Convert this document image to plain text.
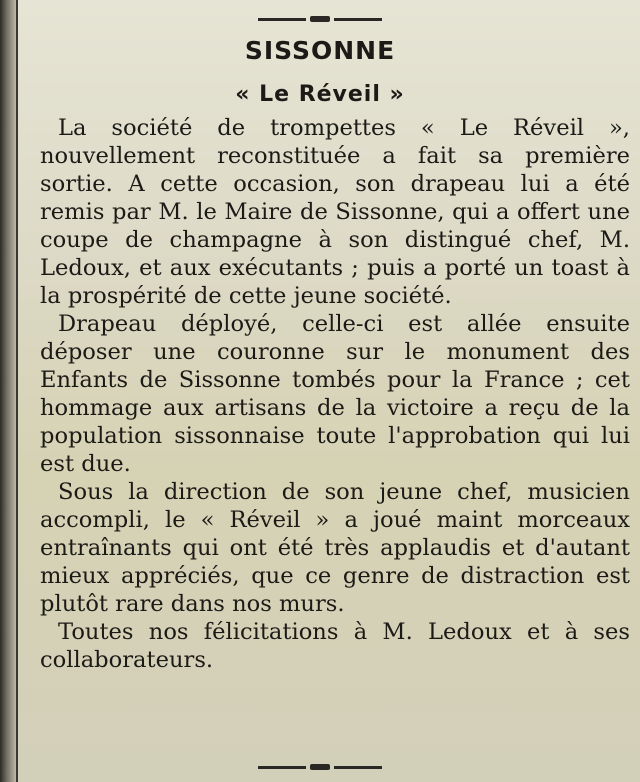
SISSONNE
« Le Réveil »

La société de trompettes « Le Réveil », nouvellement reconstituée a fait sa première sortie. A cette occasion, son drapeau lui a été remis par M. le Maire de Sissonne, qui a offert une coupe de champagne à son distingué chef, M. Ledoux, et aux exécutants ; puis a porté un toast à la prospérité de cette jeune société.

Drapeau déployé, celle-ci est allée ensuite déposer une couronne sur le monument des Enfants de Sissonne tombés pour la France ; cet hommage aux artisans de la victoire a reçu de la population sissonnaise toute l'approbation qui lui est due.

Sous la direction de son jeune chef, musicien accompli, le « Réveil » a joué maint morceaux entraînants qui ont été très applaudis et d'autant mieux appréciés, que ce genre de distraction est plutôt rare dans nos murs.

Toutes nos félicitations à M. Ledoux et à ses collaborateurs.
